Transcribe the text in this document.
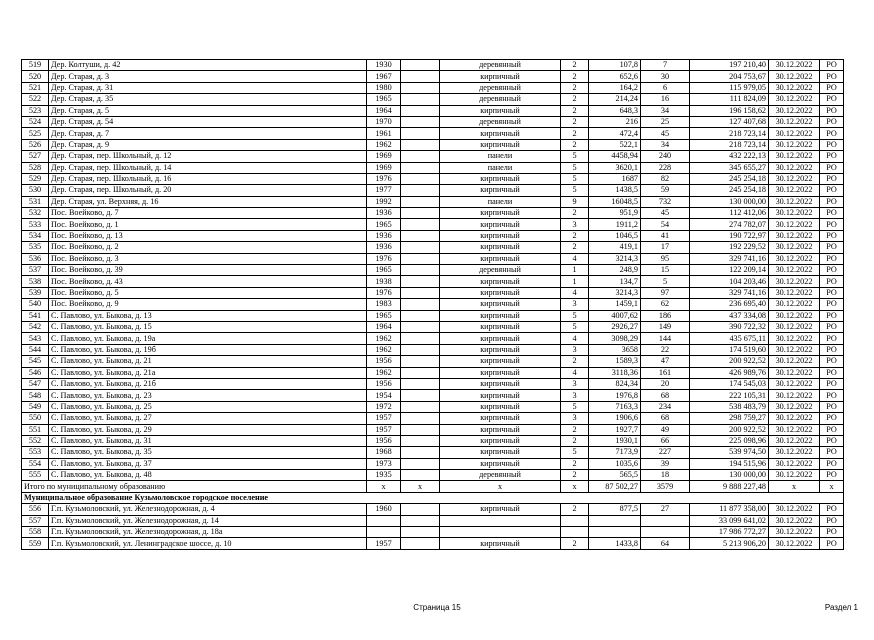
519	Дер. Колтуши, д. 42	1930		деревянный	2	107,8	7	197 210,40	30.12.2022	РО
520	Дер. Старая, д. 3	1967		кирпичный	2	652,6	30	204 753,67	30.12.2022	РО
521	Дер. Старая, д. 31	1980		деревянный	2	164,2	6	115 979,05	30.12.2022	РО
522	Дер. Старая, д. 35	1965		деревянный	2	214,24	16	111 824,09	30.12.2022	РО
523	Дер. Старая, д. 5	1964		кирпичный	2	648,3	34	196 158,62	30.12.2022	РО
524	Дер. Старая, д. 54	1970		деревянный	2	216	25	127 407,68	30.12.2022	РО
525	Дер. Старая, д. 7	1961		кирпичный	2	472,4	45	218 723,14	30.12.2022	РО
526	Дер. Старая, д. 9	1962		кирпичный	2	522,1	34	218 723,14	30.12.2022	РО
527	Дер. Старая, пер. Школьный, д. 12	1969		панели	5	4458,94	240	432 222,13	30.12.2022	РО
528	Дер. Старая, пер. Школьный, д. 14	1969		панели	5	3620,1	228	345 655,27	30.12.2022	РО
529	Дер. Старая, пер. Школьный, д. 16	1976		кирпичный	5	1687	82	245 254,18	30.12.2022	РО
530	Дер. Старая, пер. Школьный, д. 20	1977		кирпичный	5	1438,5	59	245 254,18	30.12.2022	РО
531	Дер. Старая, ул. Верхняя, д. 16	1992		панели	9	16048,5	732	130 000,00	30.12.2022	РО
532	Пос. Воейково, д. 7	1936		кирпичный	2	951,9	45	112 412,06	30.12.2022	РО
533	Пос. Воейково, д. 1	1965		кирпичный	3	1911,2	54	274 782,07	30.12.2022	РО
534	Пос. Воейково, д. 13	1936		кирпичный	2	1046,5	41	190 722,97	30.12.2022	РО
535	Пос. Воейково, д. 2	1936		кирпичный	2	419,1	17	192 229,52	30.12.2022	РО
536	Пос. Воейково, д. 3	1976		кирпичный	4	3214,3	95	329 741,16	30.12.2022	РО
537	Пос. Воейково, д. 39	1965		деревянный	1	248,9	15	122 209,14	30.12.2022	РО
538	Пос. Воейково, д. 43	1938		кирпичный	1	134,7	5	104 203,46	30.12.2022	РО
539	Пос. Воейково, д. 5	1976		кирпичный	4	3214,3	97	329 741,16	30.12.2022	РО
540	Пос. Воейково, д. 9	1983		кирпичный	3	1459,1	62	236 695,40	30.12.2022	РО
541	С. Павлово, ул. Быкова, д. 13	1965		кирпичный	5	4007,62	186	437 334,08	30.12.2022	РО
542	С. Павлово, ул. Быкова, д. 15	1964		кирпичный	5	2926,27	149	390 722,32	30.12.2022	РО
543	С. Павлово, ул. Быкова, д. 19а	1962		кирпичный	4	3098,29	144	435 675,11	30.12.2022	РО
544	С. Павлово, ул. Быкова, д. 19б	1962		кирпичный	3	3658	22	174 519,60	30.12.2022	РО
545	С. Павлово, ул. Быкова, д. 21	1956		кирпичный	2	1589,3	47	200 922,52	30.12.2022	РО
546	С. Павлово, ул. Быкова, д. 21а	1962		кирпичный	4	3118,36	161	426 989,76	30.12.2022	РО
547	С. Павлово, ул. Быкова, д. 21б	1956		кирпичный	3	824,34	20	174 545,03	30.12.2022	РО
548	С. Павлово, ул. Быкова, д. 23	1954		кирпичный	3	1976,8	68	222 105,31	30.12.2022	РО
549	С. Павлово, ул. Быкова, д. 25	1972		кирпичный	5	7163,3	234	538 483,79	30.12.2022	РО
550	С. Павлово, ул. Быкова, д. 27	1957		кирпичный	3	1906,6	68	298 759,27	30.12.2022	РО
551	С. Павлово, ул. Быкова, д. 29	1957		кирпичный	2	1927,7	49	200 922,52	30.12.2022	РО
552	С. Павлово, ул. Быкова, д. 31	1956		кирпичный	2	1930,1	66	225 098,96	30.12.2022	РО
553	С. Павлово, ул. Быкова, д. 35	1968		кирпичный	5	7173,9	227	539 974,50	30.12.2022	РО
554	С. Павлово, ул. Быкова, д. 37	1973		кирпичный	2	1035,6	39	194 515,96	30.12.2022	РО
555	С. Павлово, ул. Быкова, д. 48	1935		деревянный	2	565,5	18	130 000,00	30.12.2022	РО
Итого по муниципальному образованию		х	х	х	х	87 502,27	3579	9 888 227,48	х	х
Муниципальное образование Кузьмоловское городское поселение										
556	Г.п. Кузьмоловский, ул. Железнодорожная, д. 4	1960		кирпичный	2	877,5	27	11 877 358,00	30.12.2022	РО
557	Г.п. Кузьмоловский, ул. Железнодорожная, д. 14							33 099 641,02	30.12.2022	РО
558	Г.п. Кузьмоловский, ул. Железнодорожная, д. 18а							17 986 772,27	30.12.2022	РО
559	Г.п. Кузьмоловский, ул. Ленинградское шоссе, д. 10	1957		кирпичный	2	1433,8	64	5 213 906,20	30.12.2022	РО
Страница 15	Раздел 1
